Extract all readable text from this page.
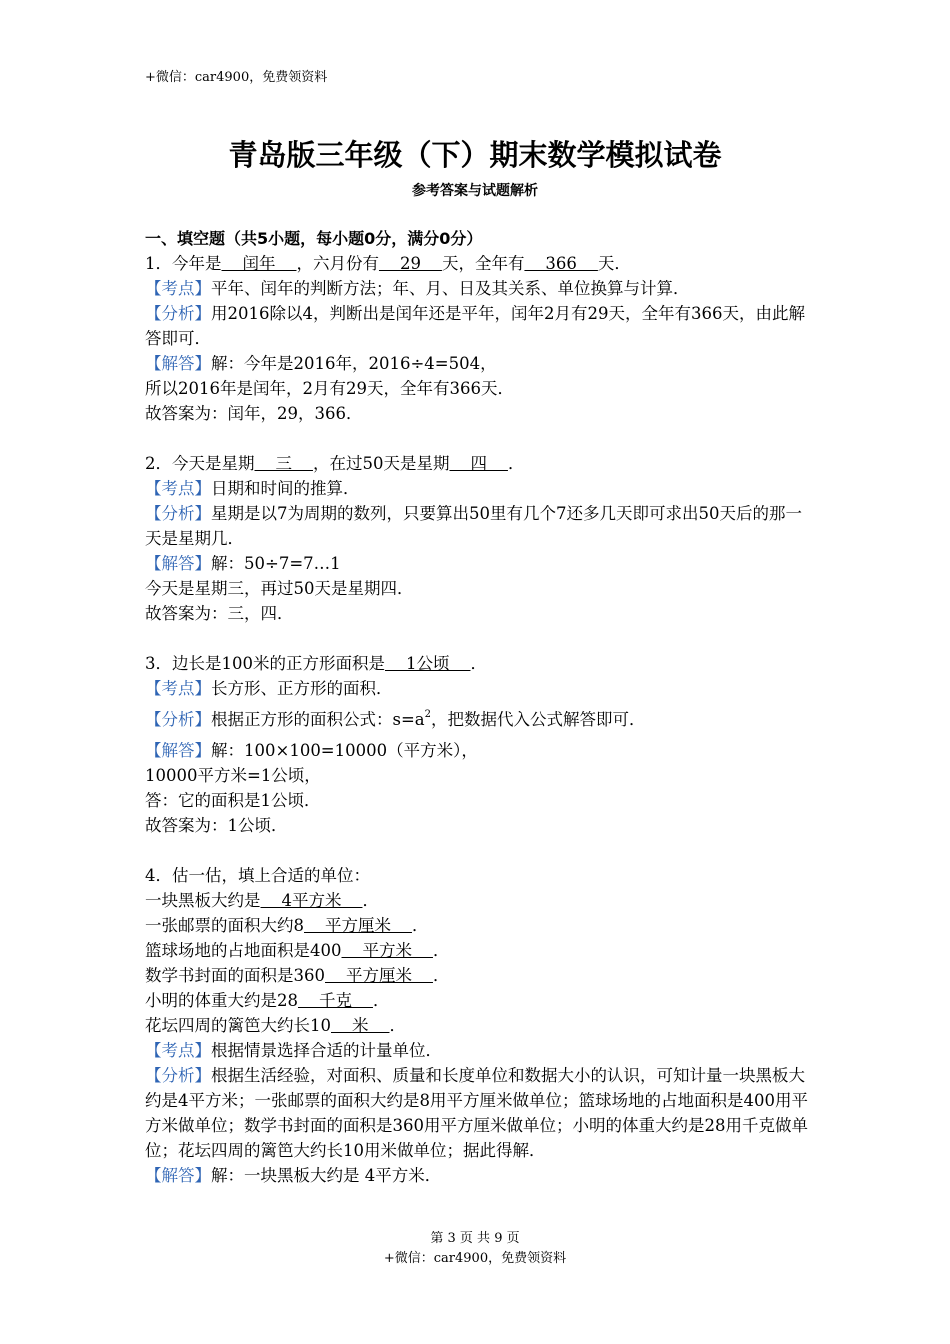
+微信：car4900，免费领资料
青岛版三年级（下）期末数学模拟试卷
参考答案与试题解析
一、填空题（共5小题，每小题0分，满分0分）
1．今年是    闰年    ，六月份有    29    天，全年有    366    天．
【考点】平年、闰年的判断方法；年、月、日及其关系、单位换算与计算．
【分析】用2016除以4，判断出是闰年还是平年，闰年2月有29天，全年有366天，由此解答即可．
【解答】解：今年是2016年，2016÷4=504，
所以2016年是闰年，2月有29天，全年有366天．
故答案为：闰年，29，366．
2．今天是星期    三    ，在过50天是星期    四    ．
【考点】日期和时间的推算．
【分析】星期是以7为周期的数列，只要算出50里有几个7还多几天即可求出50天后的那一天是星期几．
【解答】解：50÷7=7…1
今天是星期三，再过50天是星期四．
故答案为：三，四．
3．边长是100米的正方形面积是    1公顷    ．
【考点】长方形、正方形的面积．
【分析】根据正方形的面积公式：$s=a^2$，把数据代入公式解答即可．
【解答】解：100×100=10000（平方米），
10000平方米=1公顷，
答：它的面积是1公顷．
故答案为：1公顷．
4．估一估，填上合适的单位：
一块黑板大约是    4平方米    ．
一张邮票的面积大约8    平方厘米    ．
篮球场地的占地面积是400    平方米    ．
数学书封面的面积是360    平方厘米    ．
小明的体重大约是28    千克    ．
花坛四周的篱笆大约长10    米    ．
【考点】根据情景选择合适的计量单位．
【分析】根据生活经验，对面积、质量和长度单位和数据大小的认识，可知计量一块黑板大约是4平方米；一张邮票的面积大约是8用平方厘米做单位；篮球场地的占地面积是400用平方米做单位；数学书封面的面积是360用平方厘米做单位；小明的体重大约是28用千克做单位；花坛四周的篱笆大约长10用米做单位；据此得解．
【解答】解：一块黑板大约是 4平方米．
第 3 页 共 9 页
+微信：car4900，免费领资料
